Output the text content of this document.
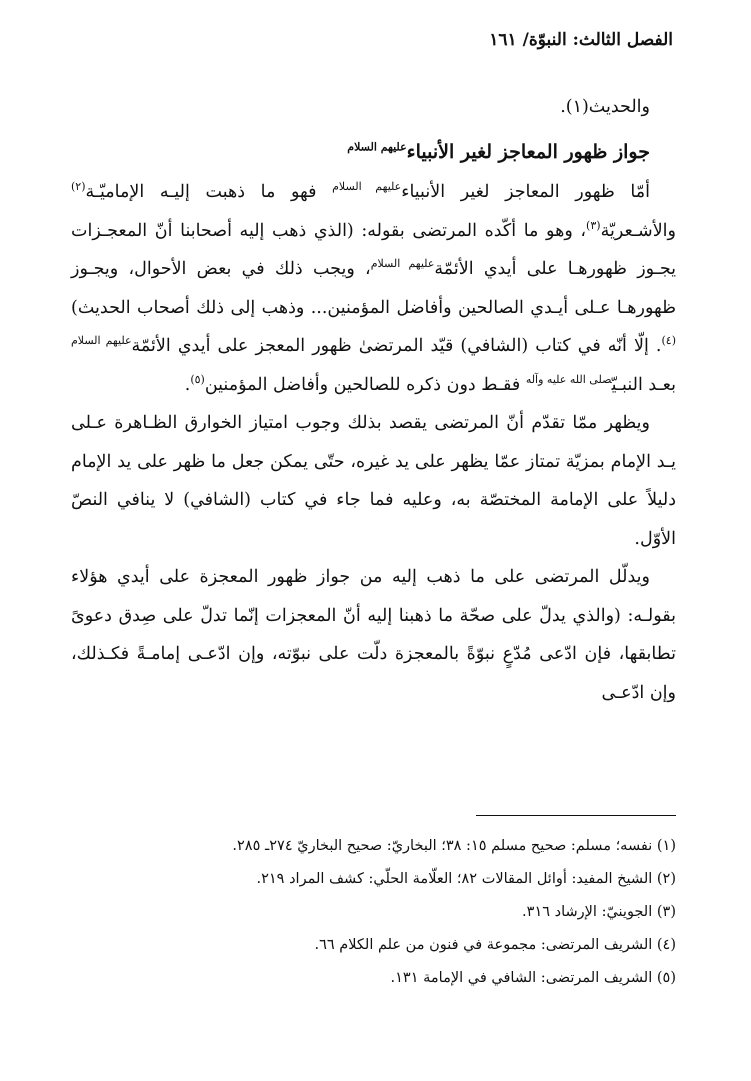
الفصل الثالث: النبوّة/ ١٦١

والحديث(١).

جواز ظهور المعاجز لغير الأنبياء$^{عليهم السلام}$

أمّا ظهور المعاجز لغير الأنبياء$^{عليهم السلام}$ فهو ما ذهبت إليـه الإماميّـة$^{(٢)}$ والأشـعريّة$^{(٣)}$، وهو ما أكّده المرتضى بقوله: (الذي ذهب إليه أصحابنا أنّ المعجـزات يجـوز ظهورهـا على أيدي الأئمّة$^{عليهم السلام}$، ويجب ذلك في بعض الأحوال، ويجـوز ظهورهـا عـلى أيـدي الصالحين وأفاضل المؤمنين... وذهب إلى ذلك أصحاب الحديث)$^{(٤)}$. إلّا أنّه في كتاب (الشافي) قيّد المرتضىٰ ظهور المعجز على أيدي الأئمّة$^{عليهم السلام}$ بعـد النبـيّ$^{صلى الله عليه وآله}$ فقـط دون ذكره للصالحين وأفاضل المؤمنين$^{(٥)}$.

ويظهر ممّا تقدّم أنّ المرتضى يقصد بذلك وجوب امتياز الخوارق الظـاهرة عـلى يـد الإمام بمزيّة تمتاز عمّا يظهر على يد غيره، حتّى يمكن جعل ما ظهر على يد الإمام دليلاً على الإمامة المختصّة به، وعليه فما جاء في كتاب (الشافي) لا ينافي النصّ الأوّل.

ويدلّل المرتضى على ما ذهب إليه من جواز ظهور المعجزة على أيدي هؤلاء بقولـه: (والذي يدلّ على صحّة ما ذهبنا إليه أنّ المعجزات إنّما تدلّ على صِدق دعوىً تطابقها، فإن ادّعى مُدّعٍ نبوّةً بالمعجزة دلّت على نبوّته، وإن ادّعـى إمامـةً فكـذلك، وإن ادّعـى

(١) نفسه؛ مسلم: صحيح مسلم ١٥: ٣٨؛ البخاريّ: صحيح البخاريّ ٢٧٤ـ ٢٨٥.

(٢) الشيخ المفيد: أوائل المقالات ٨٢؛ العلّامة الحلّي: كشف المراد ٢١٩.

(٣) الجوينيّ: الإرشاد ٣١٦.

(٤) الشريف المرتضى: مجموعة في فنون من علم الكلام ٦٦.

(٥) الشريف المرتضى: الشافي في الإمامة ١٣١.
